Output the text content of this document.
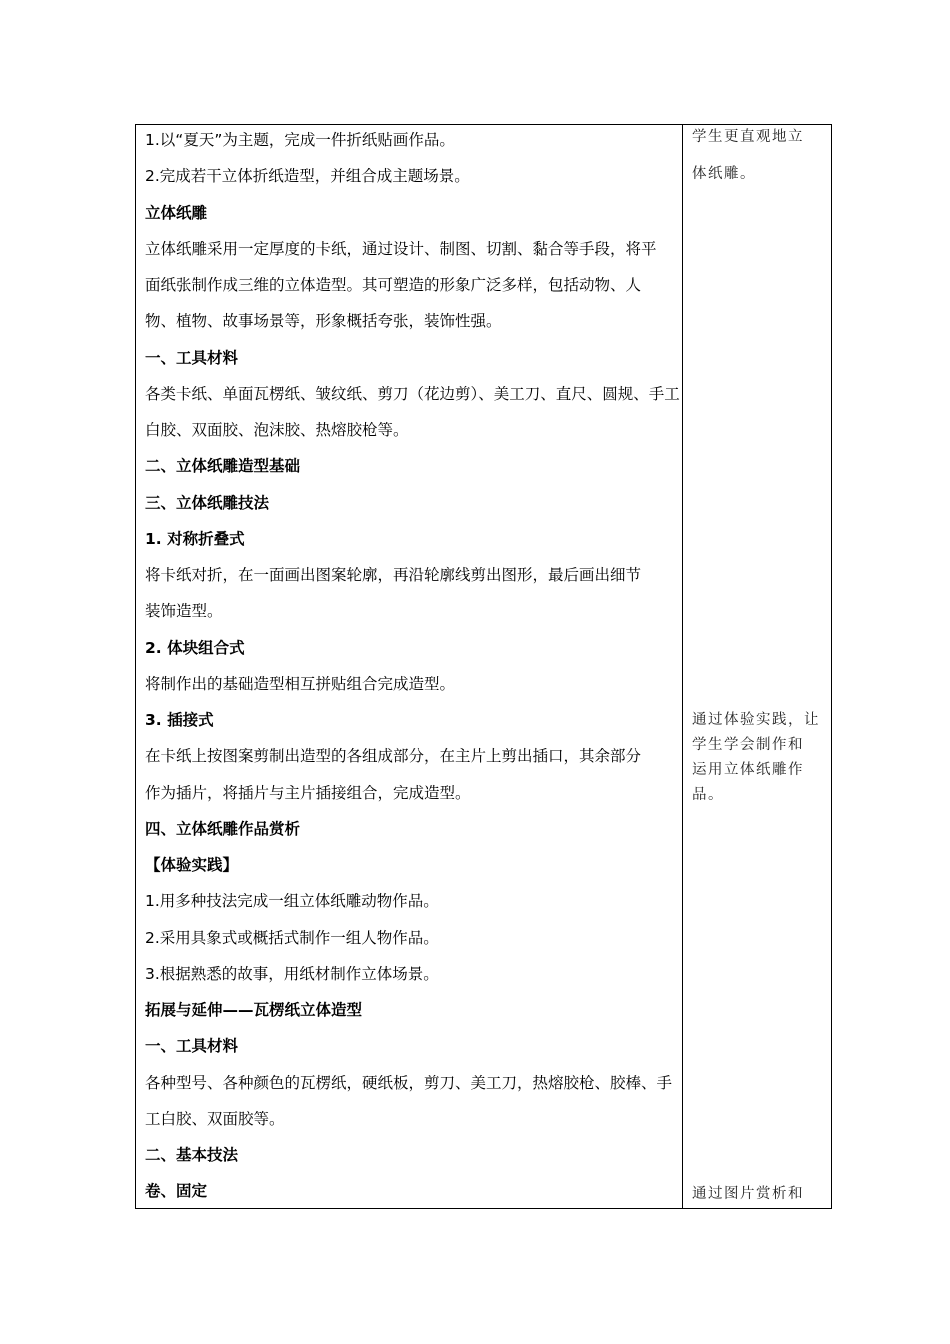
1.以“夏天”为主题，完成一件折纸贴画作品。
2.完成若干立体折纸造型，并组合成主题场景。
立体纸雕
立体纸雕采用一定厚度的卡纸，通过设计、制图、切割、黏合等手段，将平
面纸张制作成三维的立体造型。其可塑造的形象广泛多样，包括动物、人
物、植物、故事场景等，形象概括夸张，装饰性强。
一、工具材料
各类卡纸、单面瓦楞纸、皱纹纸、剪刀（花边剪）、美工刀、直尺、圆规、手工
白胶、双面胶、泡沫胶、热熔胶枪等。
二、立体纸雕造型基础
三、立体纸雕技法
1. 对称折叠式
将卡纸对折，在一面画出图案轮廓，再沿轮廓线剪出图形，最后画出细节
装饰造型。
2. 体块组合式
将制作出的基础造型相互拼贴组合完成造型。
3. 插接式
在卡纸上按图案剪制出造型的各组成部分，在主片上剪出插口，其余部分
作为插片，将插片与主片插接组合，完成造型。
四、立体纸雕作品赏析
【体验实践】
1.用多种技法完成一组立体纸雕动物作品。
2.采用具象式或概括式制作一组人物作品。
3.根据熟悉的故事，用纸材制作立体场景。
拓展与延伸——瓦楞纸立体造型
一、工具材料
各种型号、各种颜色的瓦楞纸，硬纸板，剪刀、美工刀，热熔胶枪、胶棒、手
工白胶、双面胶等。
二、基本技法
卷、固定
学生更直观地立
体纸雕。
通过体验实践，让
学生学会制作和
运用立体纸雕作
品。
通过图片赏析和
